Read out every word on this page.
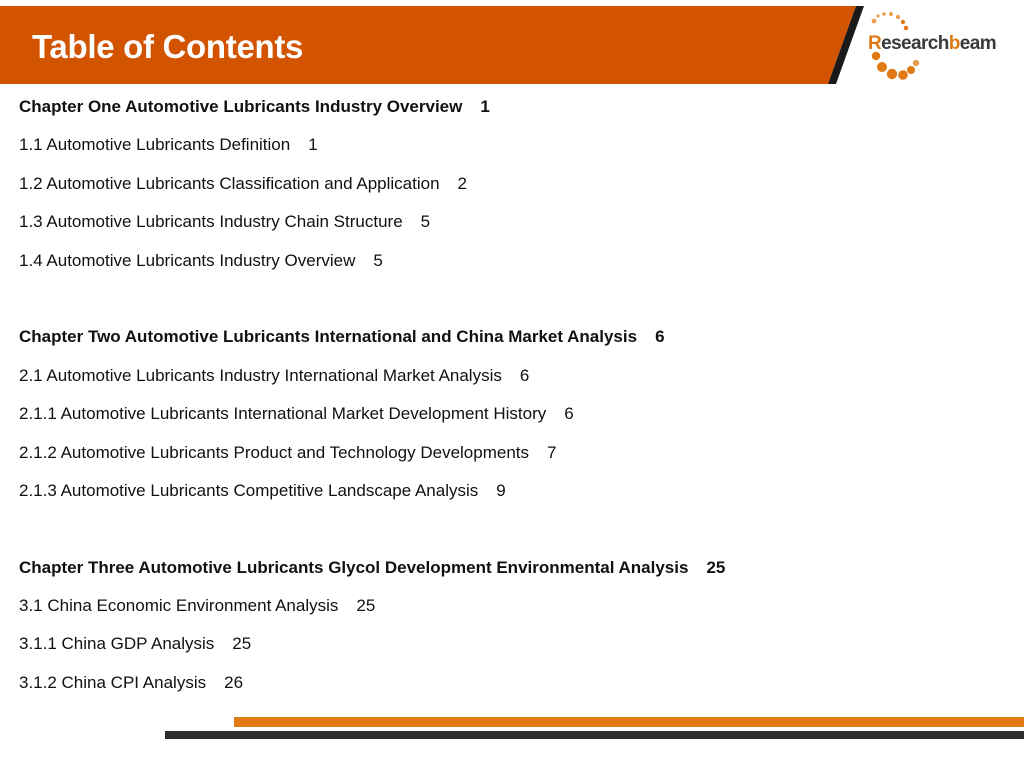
Table of Contents	Researchbeam
Chapter One Automotive Lubricants Industry Overview 1
1.1 Automotive Lubricants Definition 1
1.2 Automotive Lubricants Classification and Application 2
1.3 Automotive Lubricants Industry Chain Structure 5
1.4 Automotive Lubricants Industry Overview 5
Chapter Two Automotive Lubricants International and China Market Analysis 6
2.1 Automotive Lubricants Industry International Market Analysis 6
2.1.1 Automotive Lubricants International Market Development History 6
2.1.2 Automotive Lubricants Product and Technology Developments 7
2.1.3 Automotive Lubricants Competitive Landscape Analysis 9
Chapter Three Automotive Lubricants Glycol Development Environmental Analysis 25
3.1 China Economic Environment Analysis 25
3.1.1 China GDP Analysis 25
3.1.2 China CPI Analysis 26
